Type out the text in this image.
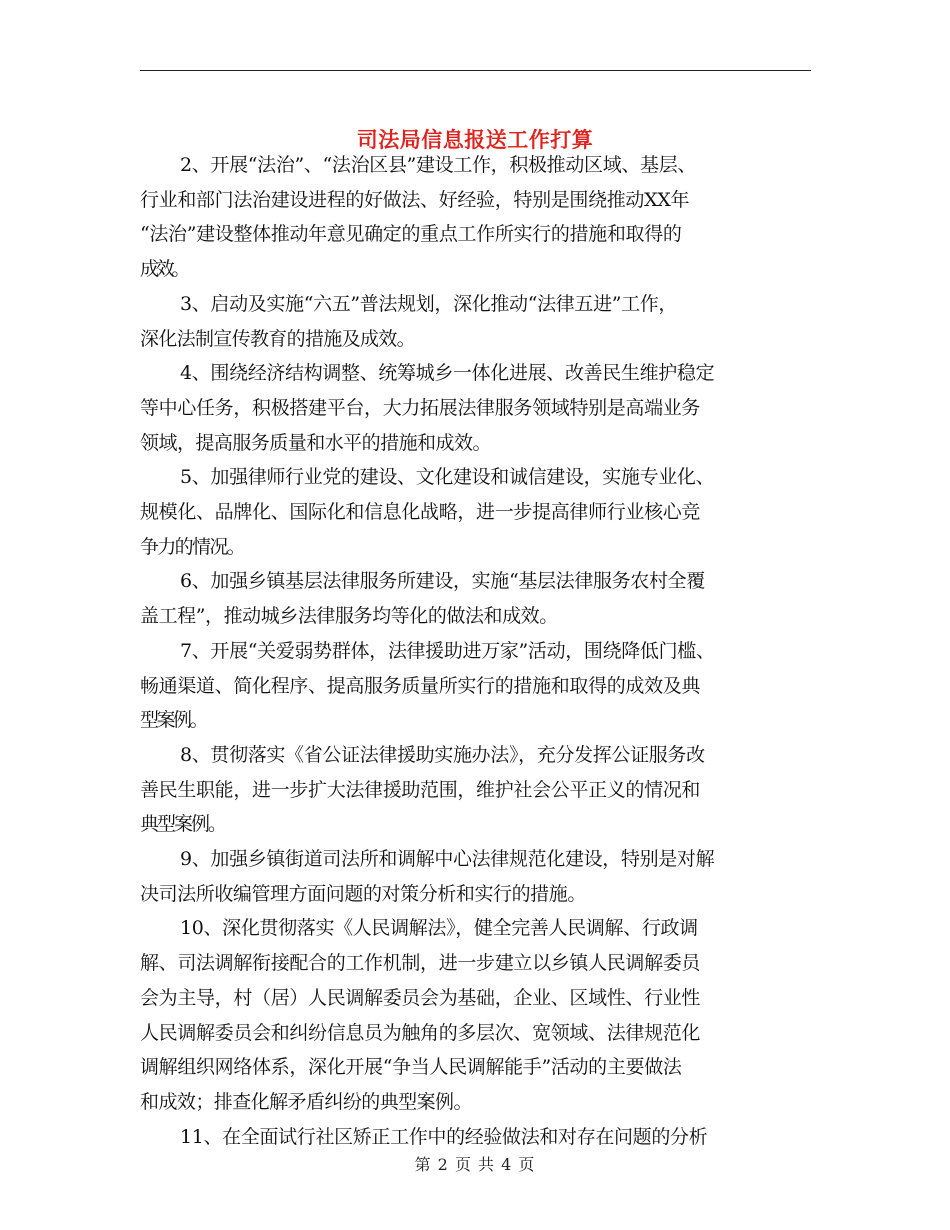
司法局信息报送工作打算

2、开展“法治”、“法治区县”建设工作，积极推动区域、基层、
行业和部门法治建设进程的好做法、好经验，特别是围绕推动XX年
“法治”建设整体推动年意见确定的重点工作所实行的措施和取得的
成效。

3、启动及实施“六五”普法规划，深化推动“法律五进”工作，
深化法制宣传教育的措施及成效。

4、围绕经济结构调整、统筹城乡一体化进展、改善民生维护稳定
等中心任务，积极搭建平台，大力拓展法律服务领域特别是高端业务
领域，提高服务质量和水平的措施和成效。

5、加强律师行业党的建设、文化建设和诚信建设，实施专业化、
规模化、品牌化、国际化和信息化战略，进一步提高律师行业核心竞
争力的情况。

6、加强乡镇基层法律服务所建设，实施“基层法律服务农村全覆
盖工程”，推动城乡法律服务均等化的做法和成效。

7、开展“关爱弱势群体，法律援助进万家”活动，围绕降低门槛、
畅通渠道、简化程序、提高服务质量所实行的措施和取得的成效及典
型案例。

8、贯彻落实《省公证法律援助实施办法》，充分发挥公证服务改
善民生职能，进一步扩大法律援助范围，维护社会公平正义的情况和
典型案例。

9、加强乡镇街道司法所和调解中心法律规范化建设，特别是对解
决司法所收编管理方面问题的对策分析和实行的措施。

10、深化贯彻落实《人民调解法》，健全完善人民调解、行政调
解、司法调解衔接配合的工作机制，进一步建立以乡镇人民调解委员
会为主导，村（居）人民调解委员会为基础，企业、区域性、行业性
人民调解委员会和纠纷信息员为触角的多层次、宽领域、法律规范化
调解组织网络体系，深化开展“争当人民调解能手”活动的主要做法
和成效；排查化解矛盾纠纷的典型案例。

11、在全面试行社区矫正工作中的经验做法和对存在问题的分析

第 2 页 共 4 页
